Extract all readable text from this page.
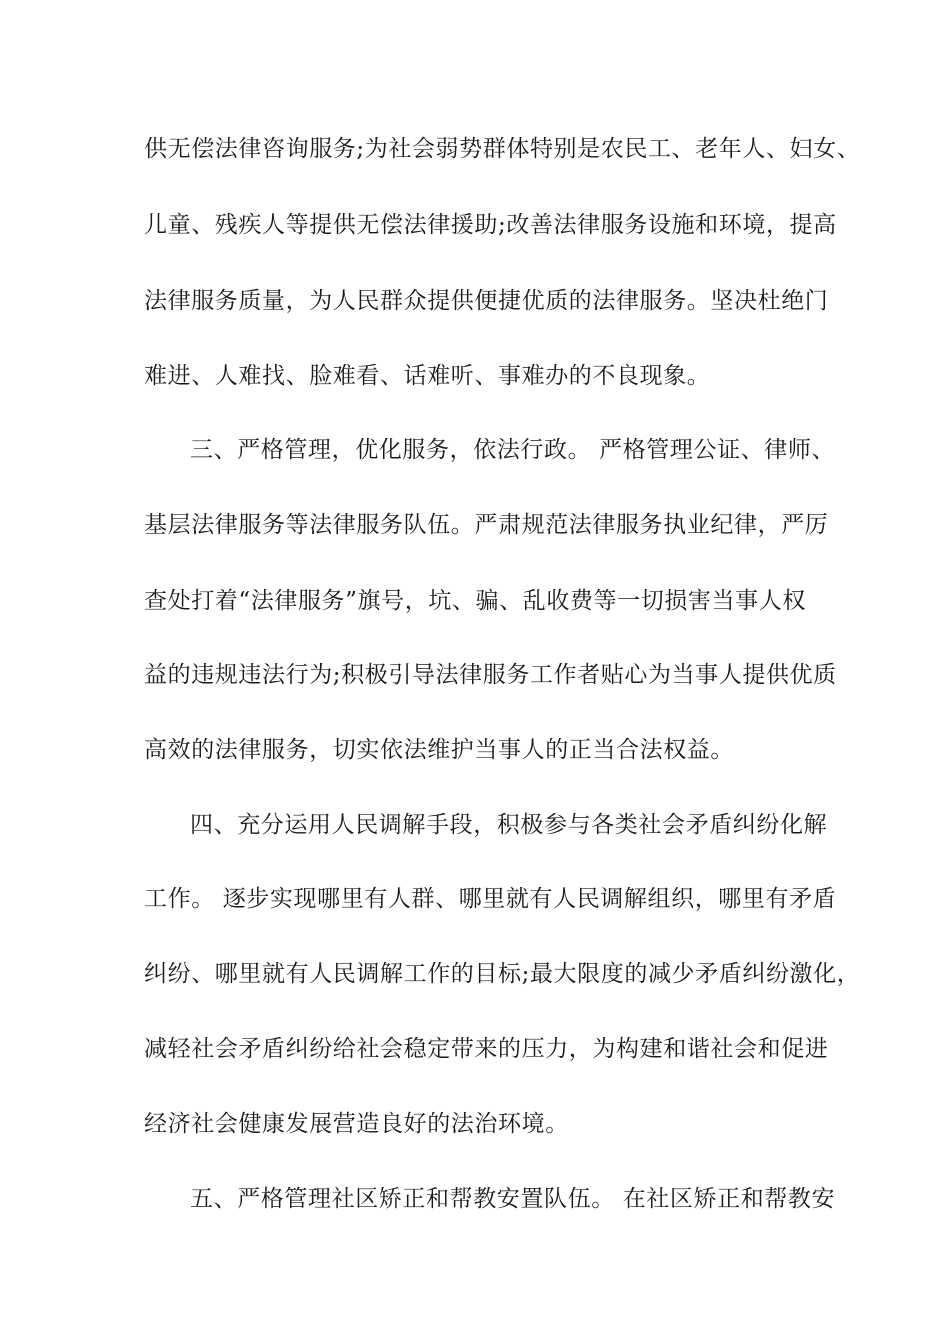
供无偿法律咨询服务;为社会弱势群体特别是农民工、老年人、妇女、

儿童、残疾人等提供无偿法律援助;改善法律服务设施和环境，提高

法律服务质量，为人民群众提供便捷优质的法律服务。坚决杜绝门

难进、人难找、脸难看、话难听、事难办的不良现象。

三、严格管理，优化服务，依法行政。 严格管理公证、律师、

基层法律服务等法律服务队伍。严肃规范法律服务执业纪律，严厉

查处打着“法律服务”旗号，坑、骗、乱收费等一切损害当事人权

益的违规违法行为;积极引导法律服务工作者贴心为当事人提供优质

高效的法律服务，切实依法维护当事人的正当合法权益。

四、充分运用人民调解手段，积极参与各类社会矛盾纠纷化解

工作。 逐步实现哪里有人群、哪里就有人民调解组织，哪里有矛盾

纠纷、哪里就有人民调解工作的目标;最大限度的减少矛盾纠纷激化，

减轻社会矛盾纠纷给社会稳定带来的压力，为构建和谐社会和促进

经济社会健康发展营造良好的法治环境。

五、严格管理社区矫正和帮教安置队伍。 在社区矫正和帮教安
